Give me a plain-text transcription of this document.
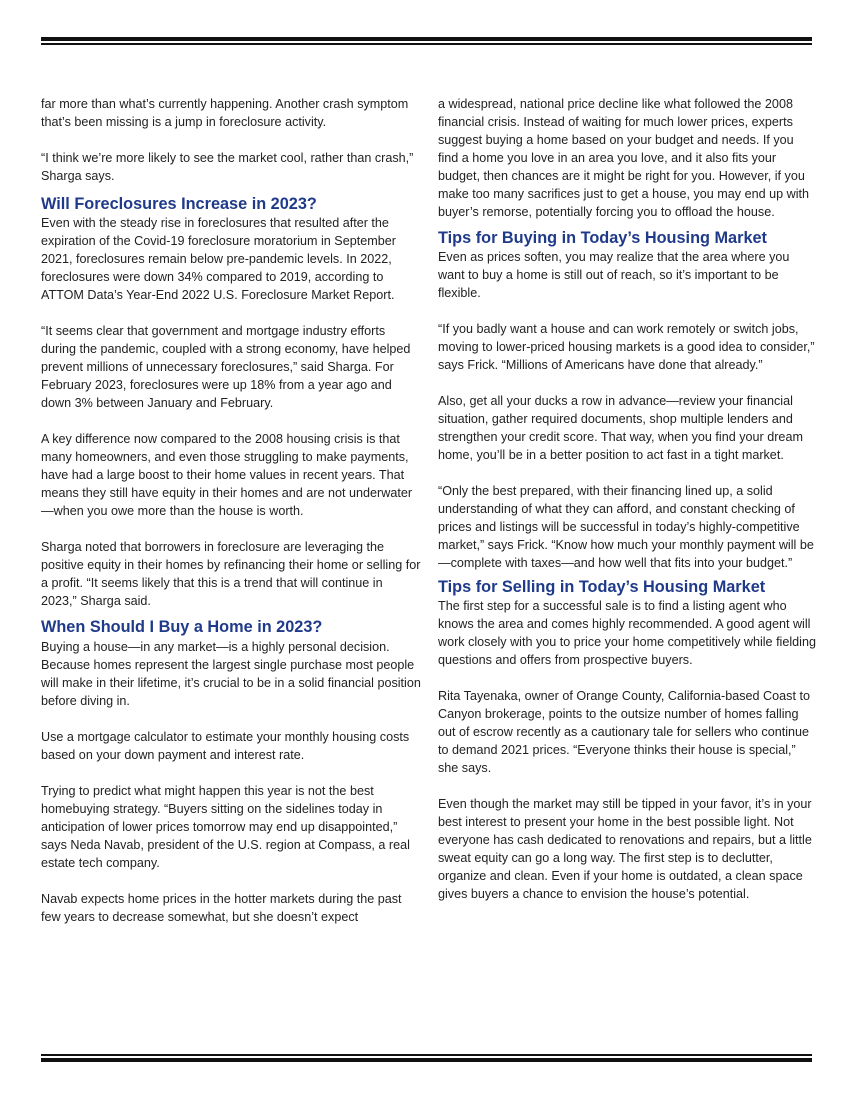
far more than what’s currently happening. Another crash symptom that’s been missing is a jump in foreclosure activity.

“I think we’re more likely to see the market cool, rather than crash,” Sharga says.

Will Foreclosures Increase in 2023?

Even with the steady rise in foreclosures that resulted after the expiration of the Covid-19 foreclosure moratorium in September 2021, foreclosures remain below pre-pandemic levels. In 2022, foreclosures were down 34% compared to 2019, according to ATTOM Data’s Year-End 2022 U.S. Foreclosure Market Report.

“It seems clear that government and mortgage industry efforts during the pandemic, coupled with a strong economy, have helped prevent millions of unnecessary foreclosures,” said Sharga. For February 2023, foreclosures were up 18% from a year ago and down 3% between January and February.

A key difference now compared to the 2008 housing crisis is that many homeowners, and even those struggling to make payments, have had a large boost to their home values in recent years. That means they still have equity in their homes and are not underwater—when you owe more than the house is worth.

Sharga noted that borrowers in foreclosure are leveraging the positive equity in their homes by refinancing their home or selling for a profit. “It seems likely that this is a trend that will continue in 2023,” Sharga said.

When Should I Buy a Home in 2023?

Buying a house—in any market—is a highly personal decision. Because homes represent the largest single purchase most people will make in their lifetime, it’s crucial to be in a solid financial position before diving in.

Use a mortgage calculator to estimate your monthly housing costs based on your down payment and interest rate.

Trying to predict what might happen this year is not the best homebuying strategy. “Buyers sitting on the sidelines today in anticipation of lower prices tomorrow may end up disappointed,” says Neda Navab, president of the U.S. region at Compass, a real estate tech company.

Navab expects home prices in the hotter markets during the past few years to decrease somewhat, but she doesn’t expect

a widespread, national price decline like what followed the 2008 financial crisis. Instead of waiting for much lower prices, experts suggest buying a home based on your budget and needs. If you find a home you love in an area you love, and it also fits your budget, then chances are it might be right for you. However, if you make too many sacrifices just to get a house, you may end up with buyer’s remorse, potentially forcing you to offload the house.

Tips for Buying in Today’s Housing Market

Even as prices soften, you may realize that the area where you want to buy a home is still out of reach, so it’s important to be flexible.

“If you badly want a house and can work remotely or switch jobs, moving to lower-priced housing markets is a good idea to consider,” says Frick. “Millions of Americans have done that already.”

Also, get all your ducks a row in advance—review your financial situation, gather required documents, shop multiple lenders and strengthen your credit score. That way, when you find your dream home, you’ll be in a better position to act fast in a tight market.

“Only the best prepared, with their financing lined up, a solid understanding of what they can afford, and constant checking of prices and listings will be successful in today’s highly-competitive market,” says Frick. “Know how much your monthly payment will be—complete with taxes—and how well that fits into your budget.”

Tips for Selling in Today’s Housing Market

The first step for a successful sale is to find a listing agent who knows the area and comes highly recommended. A good agent will work closely with you to price your home competitively while fielding questions and offers from prospective buyers.

Rita Tayenaka, owner of Orange County, California-based Coast to Canyon brokerage, points to the outsize number of homes falling out of escrow recently as a cautionary tale for sellers who continue to demand 2021 prices. “Everyone thinks their house is special,” she says.

Even though the market may still be tipped in your favor, it’s in your best interest to present your home in the best possible light. Not everyone has cash dedicated to renovations and repairs, but a little sweat equity can go a long way. The first step is to declutter, organize and clean. Even if your home is outdated, a clean space gives buyers a chance to envision the house’s potential.
